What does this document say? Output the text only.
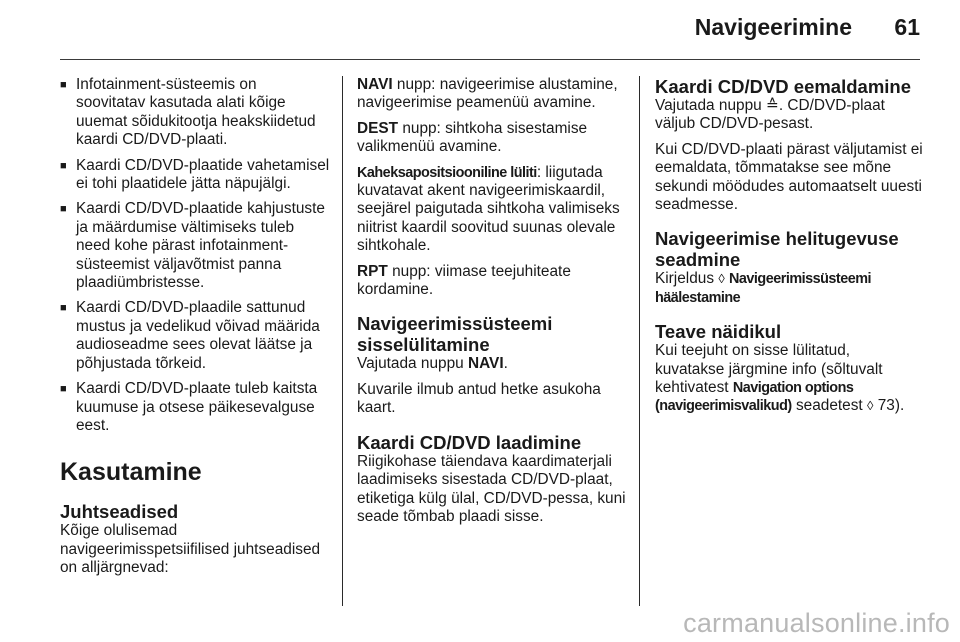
Navigeerimine 61
■ Infotainment-süsteemis on soovitatav kasutada alati kõige uuemat sõidukitootja heakskiidetud kaardi CD/DVD-plaati.
■ Kaardi CD/DVD-plaatide vahetamisel ei tohi plaatidele jätta näpujälgi.
■ Kaardi CD/DVD-plaatide kahjustuste ja määrdumise vältimiseks tuleb need kohe pärast infotainment-süsteemist väljavõtmist panna plaadiümbristesse.
■ Kaardi CD/DVD-plaadile sattunud mustus ja vedelikud võivad määrida audioseadme sees olevat läätse ja põhjustada tõrkeid.
■ Kaardi CD/DVD-plaate tuleb kaitsta kuumuse ja otsese päikesevalguse eest.
Kasutamine
Juhtseadised
Kõige olulisemad navigeerimisspetsiifilised juhtseadised on alljärgnevad:
NAVI nupp: navigeerimise alustamine, navigeerimise peamenüü avamine.
DEST nupp: sihtkoha sisestamise valikmenüü avamine.
Kaheksapositsiooniline lüliti: liigutada kuvatavat akent navigeerimiskaardil, seejärel paigutada sihtkoha valimiseks niitrist kaardil soovitud suunas olevale sihtkohale.
RPT nupp: viimase teejuhiteate kordamine.
Navigeerimissüsteemi sisselülitamine
Vajutada nuppu NAVI.
Kuvarile ilmub antud hetke asukoha kaart.
Kaardi CD/DVD laadimine
Riigikohase täiendava kaardimaterjali laadimiseks sisestada CD/DVD-plaat, etiketiga külg ülal, CD/DVD-pessa, kuni seade tõmbab plaadi sisse.
Kaardi CD/DVD eemaldamine
Vajutada nuppu ≙. CD/DVD-plaat väljub CD/DVD-pesast.
Kui CD/DVD-plaati pärast väljutamist ei eemaldata, tõmmatakse see mõne sekundi möödudes automaatselt uuesti seadmesse.
Navigeerimise helitugevuse seadmine
Kirjeldus ◊ Navigeerimissüsteemi häälestamine
Teave näidikul
Kui teejuht on sisse lülitatud, kuvatakse järgmine info (sõltuvalt kehtivatest Navigation options (navigeerimisvalikud) seadetest ◊ 73).
carmanualsonline.info
